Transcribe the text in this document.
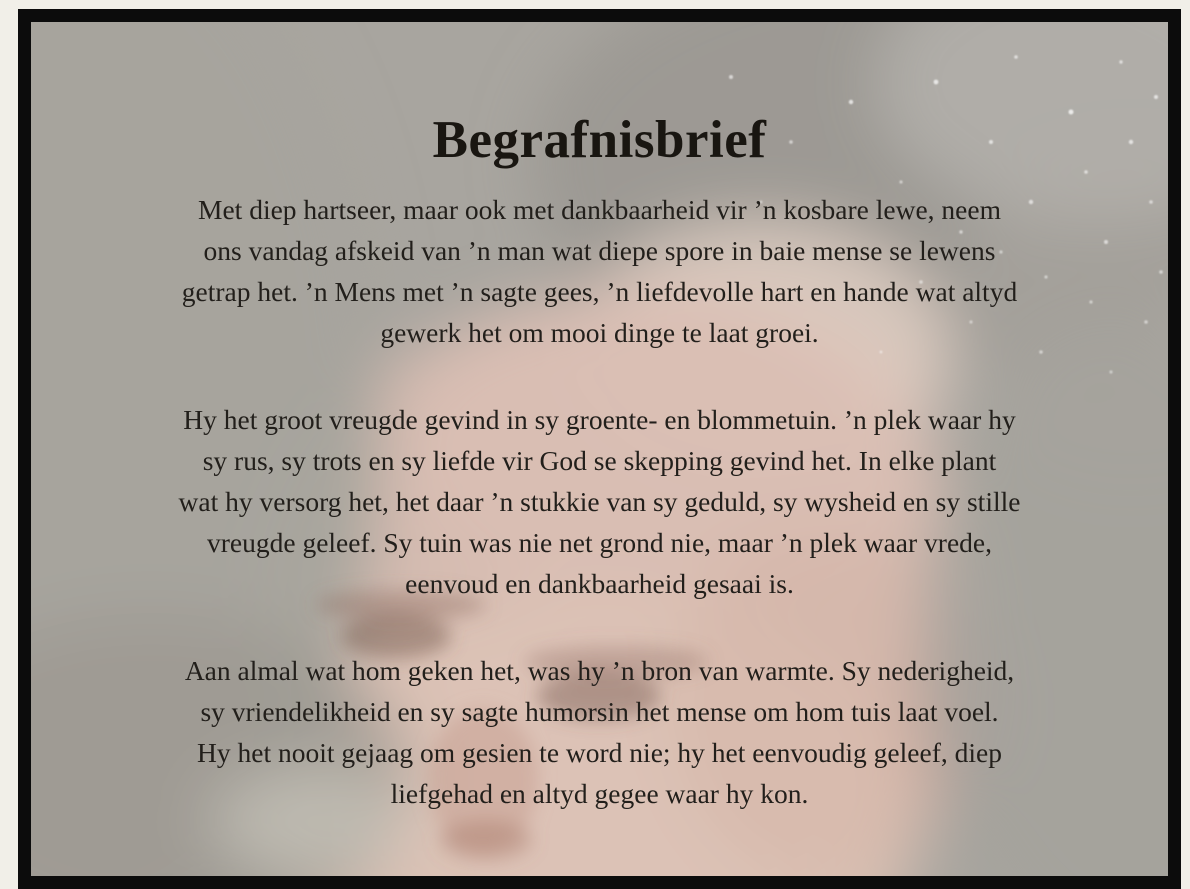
Begrafnisbrief
Met diep hartseer, maar ook met dankbaarheid vir ’n kosbare lewe, neem
ons vandag afskeid van ’n man wat diepe spore in baie mense se lewens
getrap het. ’n Mens met ’n sagte gees, ’n liefdevolle hart en hande wat altyd
gewerk het om mooi dinge te laat groei.
Hy het groot vreugde gevind in sy groente- en blommetuin. ’n plek waar hy
sy rus, sy trots en sy liefde vir God se skepping gevind het. In elke plant
wat hy versorg het, het daar ’n stukkie van sy geduld, sy wysheid en sy stille
vreugde geleef. Sy tuin was nie net grond nie, maar ’n plek waar vrede,
eenvoud en dankbaarheid gesaai is.
Aan almal wat hom geken het, was hy ’n bron van warmte. Sy nederigheid,
sy vriendelikheid en sy sagte humorsin het mense om hom tuis laat voel.
Hy het nooit gejaag om gesien te word nie; hy het eenvoudig geleef, diep
liefgehad en altyd gegee waar hy kon.
